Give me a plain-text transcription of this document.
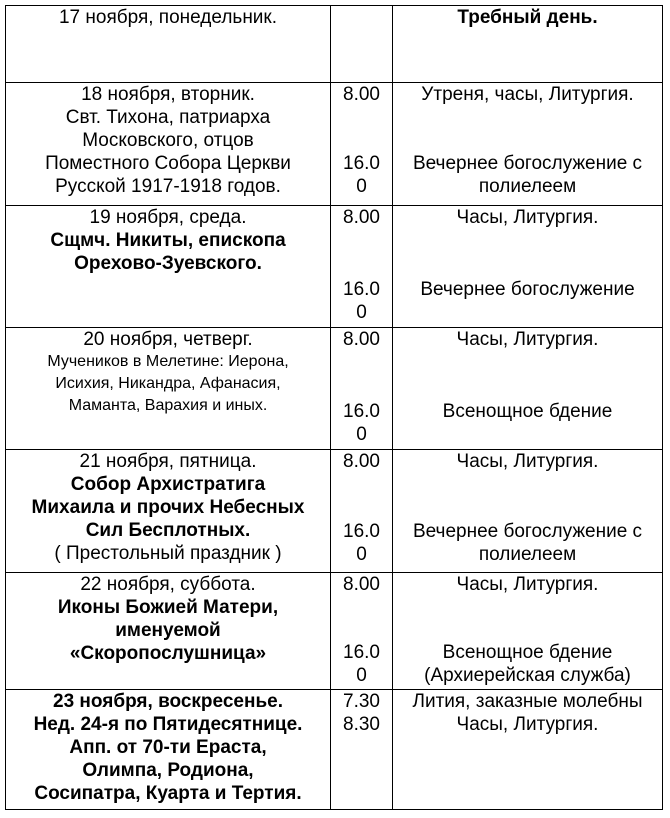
17 ноября, понедельник.		Требный день.

18 ноября, вторник.
Свт. Тихона, патриарха
Московского, отцов
Поместного Собора Церкви
Русской 1917-1918 годов.	8.00
16.0
0	Утреня, часы, Литургия.
Вечернее богослужение с
полиелеем

19 ноября, среда.
Сщмч. Никиты, епископа
Орехово-Зуевского.	8.00
16.0
0	Часы, Литургия.
Вечернее богослужение

20 ноября, четверг.
Мучеников в Мелетине: Иерона,
Исихия, Никандра, Афанасия,
Маманта, Варахия и иных.	8.00
16.0
0	Часы, Литургия.
Всенощное бдение

21 ноября, пятница.
Собор Архистратига
Михаила и прочих Небесных
Сил Бесплотных.
( Престольный праздник )	8.00
16.0
0	Часы, Литургия.
Вечернее богослужение с
полиелеем

22 ноября, суббота.
Иконы Божией Матери,
именуемой
«Скоропослушница»	8.00
16.0
0	Часы, Литургия.
Всенощное бдение
(Архиерейская служба)

23 ноября, воскресенье.
Нед. 24-я по Пятидесятнице.
Апп. от 70-ти Ераста,
Олимпа, Родиона,
Сосипатра, Куарта и Тертия.	7.30
8.30	Лития, заказные молебны
Часы, Литургия.
